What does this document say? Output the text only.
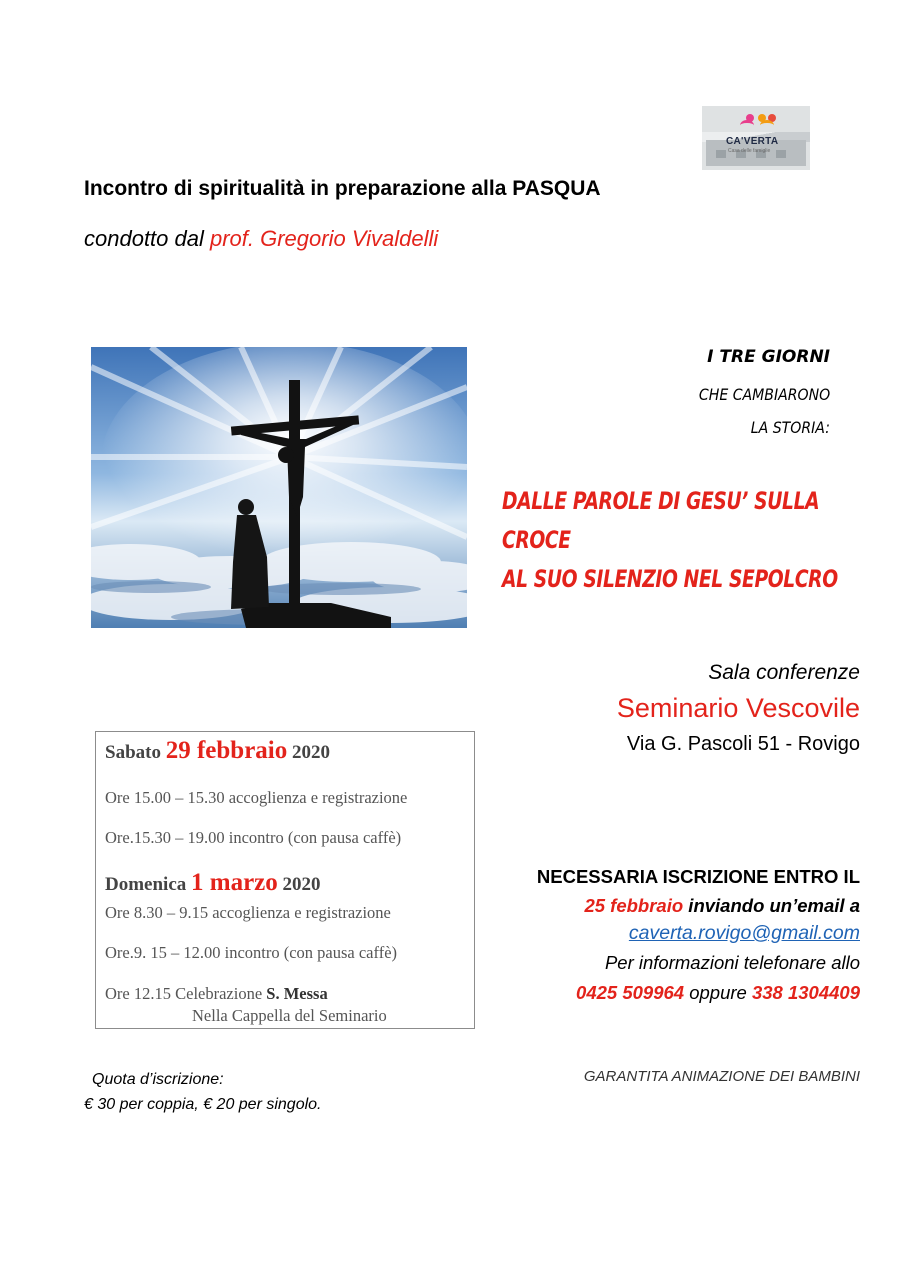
CA'VERTA
Casa delle famiglie
Incontro di spiritualità in preparazione alla PASQUA
condotto dal prof. Gregorio Vivaldelli
I TRE GIORNI
CHE CAMBIARONO
LA STORIA:
DALLE PAROLE DI GESU’ SULLA
CROCE
AL SUO SILENZIO NEL SEPOLCRO
Sala conferenze
Seminario Vescovile
Via G. Pascoli 51 - Rovigo
Sabato 29 febbraio 2020
Ore 15.00 – 15.30 accoglienza e registrazione
Ore.15.30 – 19.00 incontro (con pausa caffè)
Domenica 1 marzo 2020
Ore 8.30 – 9.15 accoglienza e registrazione
Ore.9. 15 – 12.00 incontro (con pausa caffè)
Ore 12.15 Celebrazione S. Messa
Nella Cappella del Seminario
NECESSARIA ISCRIZIONE ENTRO IL
25 febbraio inviando un’email a
caverta.rovigo@gmail.com
Per informazioni telefonare allo
0425 509964 oppure 338 1304409
Quota d’iscrizione:
€ 30 per coppia, € 20 per singolo.
GARANTITA ANIMAZIONE DEI BAMBINI
